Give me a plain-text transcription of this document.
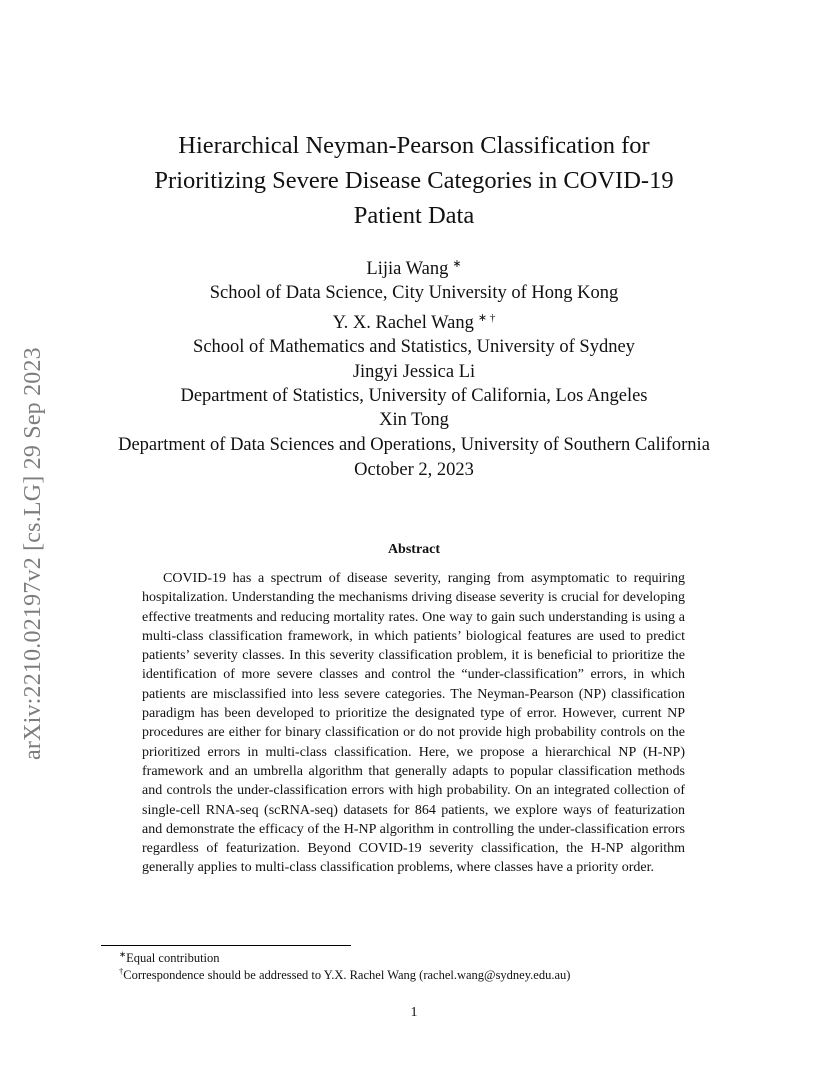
arXiv:2210.02197v2 [cs.LG] 29 Sep 2023
Hierarchical Neyman-Pearson Classification for
Prioritizing Severe Disease Categories in COVID-19
Patient Data
Lijia Wang ∗
School of Data Science, City University of Hong Kong
Y. X. Rachel Wang ∗ †
School of Mathematics and Statistics, University of Sydney
Jingyi Jessica Li
Department of Statistics, University of California, Los Angeles
Xin Tong
Department of Data Sciences and Operations, University of Southern California
October 2, 2023
Abstract
COVID-19 has a spectrum of disease severity, ranging from asymptomatic to requiring hospitalization. Understanding the mechanisms driving disease severity is crucial for developing effective treatments and reducing mortality rates. One way to gain such understanding is using a multi-class classification framework, in which patients’ biological features are used to predict patients’ severity classes. In this severity classification problem, it is beneficial to prioritize the identification of more severe classes and control the “under-classification” errors, in which patients are misclassified into less severe categories. The Neyman-Pearson (NP) classification paradigm has been developed to prioritize the designated type of error. However, current NP procedures are either for binary classification or do not provide high probability controls on the prioritized errors in multi-class classification. Here, we propose a hierarchical NP (H-NP) framework and an umbrella algorithm that generally adapts to popular classification methods and controls the under-classification errors with high probability. On an integrated collection of single-cell RNA-seq (scRNA-seq) datasets for 864 patients, we explore ways of featurization and demonstrate the efficacy of the H-NP algorithm in controlling the under-classification errors regardless of featurization. Beyond COVID-19 severity classification, the H-NP algorithm generally applies to multi-class classification problems, where classes have a priority order.
∗Equal contribution
†Correspondence should be addressed to Y.X. Rachel Wang (rachel.wang@sydney.edu.au)
1
